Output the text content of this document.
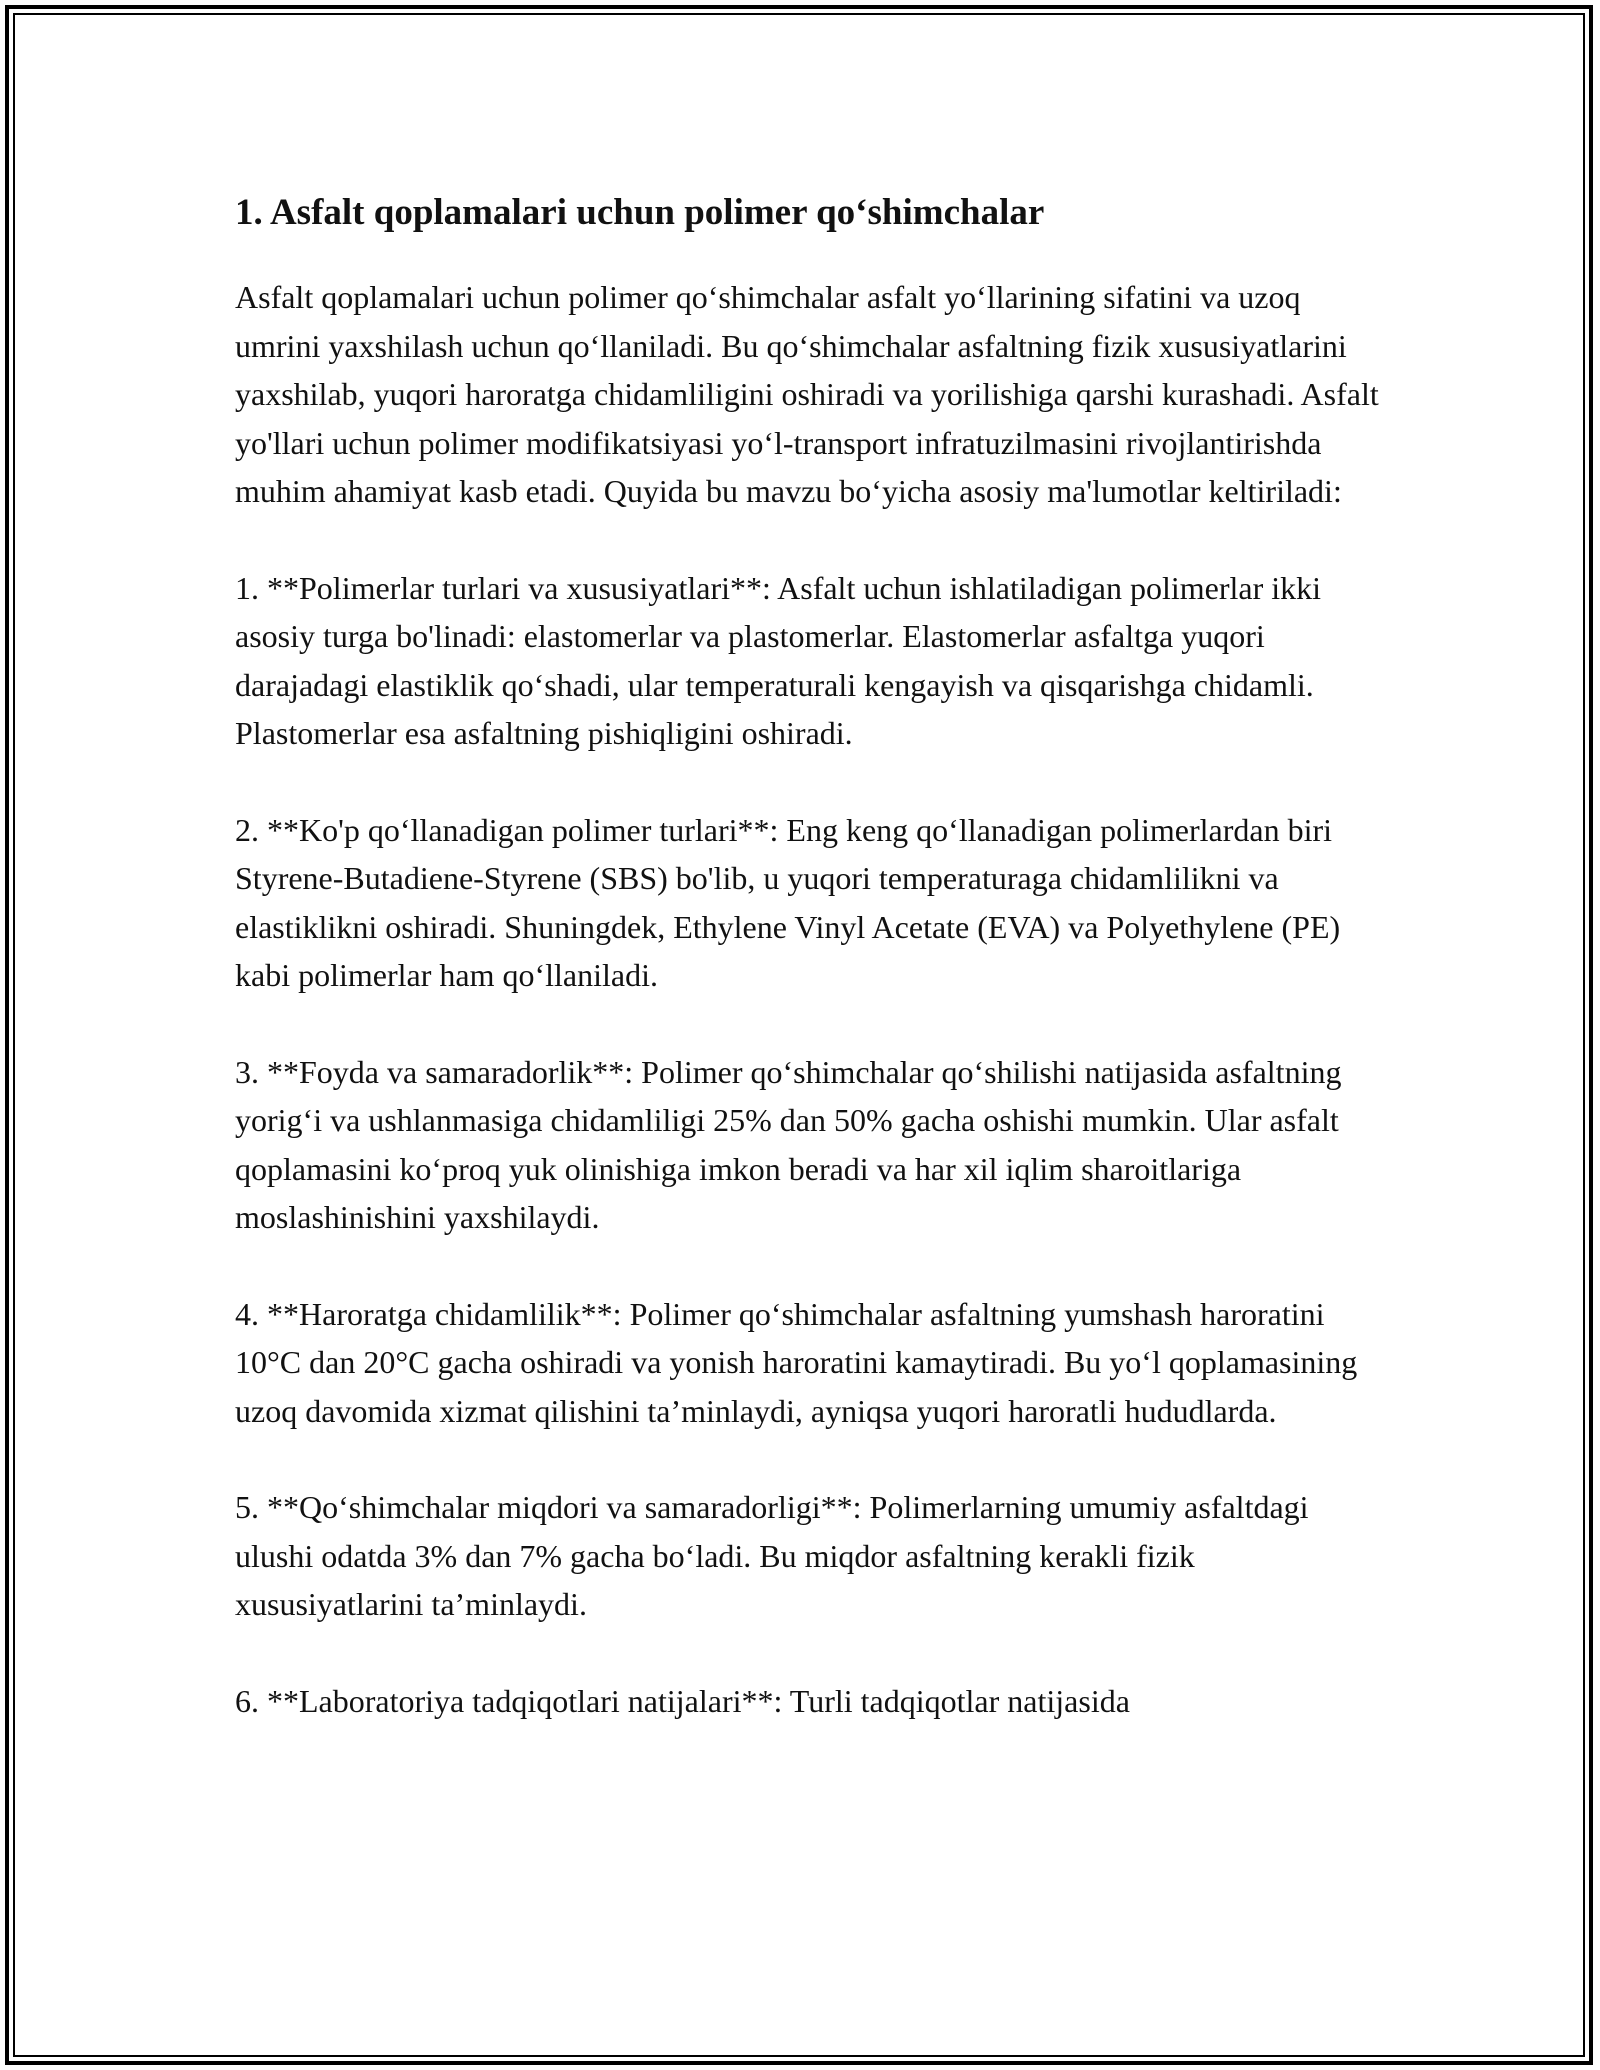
1. Asfalt qoplamalari uchun polimer qo‘shimchalar

Asfalt qoplamalari uchun polimer qo‘shimchalar asfalt yo‘llarining sifatini va uzoq umrini yaxshilash uchun qo‘llaniladi. Bu qo‘shimchalar asfaltning fizik xususiyatlarini yaxshilab, yuqori haroratga chidamliligini oshiradi va yorilishiga qarshi kurashadi. Asfalt yo'llari uchun polimer modifikatsiyasi yo‘l-transport infratuzilmasini rivojlantirishda muhim ahamiyat kasb etadi. Quyida bu mavzu bo‘yicha asosiy ma'lumotlar keltiriladi:

1. **Polimerlar turlari va xususiyatlari**: Asfalt uchun ishlatiladigan polimerlar ikki asosiy turga bo'linadi: elastomerlar va plastomerlar. Elastomerlar asfaltga yuqori darajadagi elastiklik qo‘shadi, ular temperaturali kengayish va qisqarishga chidamli. Plastomerlar esa asfaltning pishiqligini oshiradi.

2. **Ko'p qo‘llanadigan polimer turlari**: Eng keng qo‘llanadigan polimerlardan biri Styrene-Butadiene-Styrene (SBS) bo'lib, u yuqori temperaturaga chidamlilikni va elastiklikni oshiradi. Shuningdek, Ethylene Vinyl Acetate (EVA) va Polyethylene (PE) kabi polimerlar ham qo‘llaniladi.

3. **Foyda va samaradorlik**: Polimer qo‘shimchalar qo‘shilishi natijasida asfaltning yorig‘i va ushlanmasiga chidamliligi 25% dan 50% gacha oshishi mumkin. Ular asfalt qoplamasini ko‘proq yuk olinishiga imkon beradi va har xil iqlim sharoitlariga moslashinishini yaxshilaydi.

4. **Haroratga chidamlilik**: Polimer qo‘shimchalar asfaltning yumshash haroratini 10°C dan 20°C gacha oshiradi va yonish haroratini kamaytiradi. Bu yo‘l qoplamasining uzoq davomida xizmat qilishini ta’minlaydi, ayniqsa yuqori haroratli hududlarda.

5. **Qo‘shimchalar miqdori va samaradorligi**: Polimerlarning umumiy asfaltdagi ulushi odatda 3% dan 7% gacha bo‘ladi. Bu miqdor asfaltning kerakli fizik xususiyatlarini ta’minlaydi.

6. **Laboratoriya tadqiqotlari natijalari**: Turli tadqiqotlar natijasida
